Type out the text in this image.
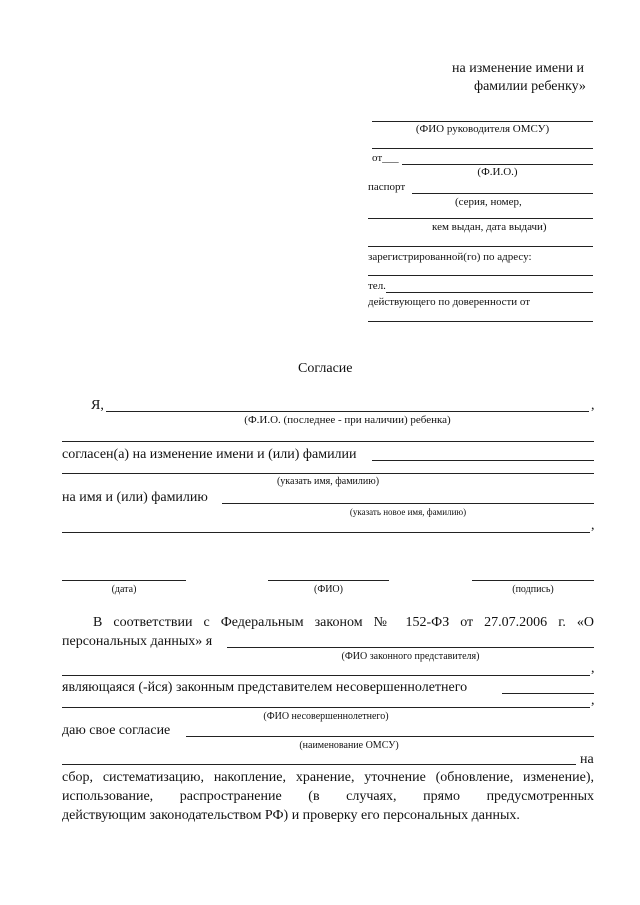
на изменение имени и
фамилии ребенку»
(ФИО руководителя ОМСУ)
от___
(Ф.И.О.)
паспорт
(серия, номер,
кем выдан, дата выдачи)
зарегистрированной(го) по адресу:
тел.
действующего по доверенности от
Согласие
Я,	,
(Ф.И.О. (последнее - при наличии) ребенка)
согласен(а) на изменение имени и (или) фамилии
(указать имя, фамилию)
на имя и (или) фамилию
(указать новое имя, фамилию)
,
(дата)	(ФИО)	(подпись)
В соответствии с Федеральным законом № 152-ФЗ от 27.07.2006 г. «О
персональных данных» я
(ФИО законного представителя)
,
являющаяся (-йся) законным представителем несовершеннолетнего
,
(ФИО несовершеннолетнего)
даю свое согласие
(наименование ОМСУ)
на
сбор, систематизацию, накопление, хранение, уточнение (обновление, изменение),
использование, распространение (в случаях, прямо предусмотренных
действующим законодательством РФ) и проверку его персональных данных.
